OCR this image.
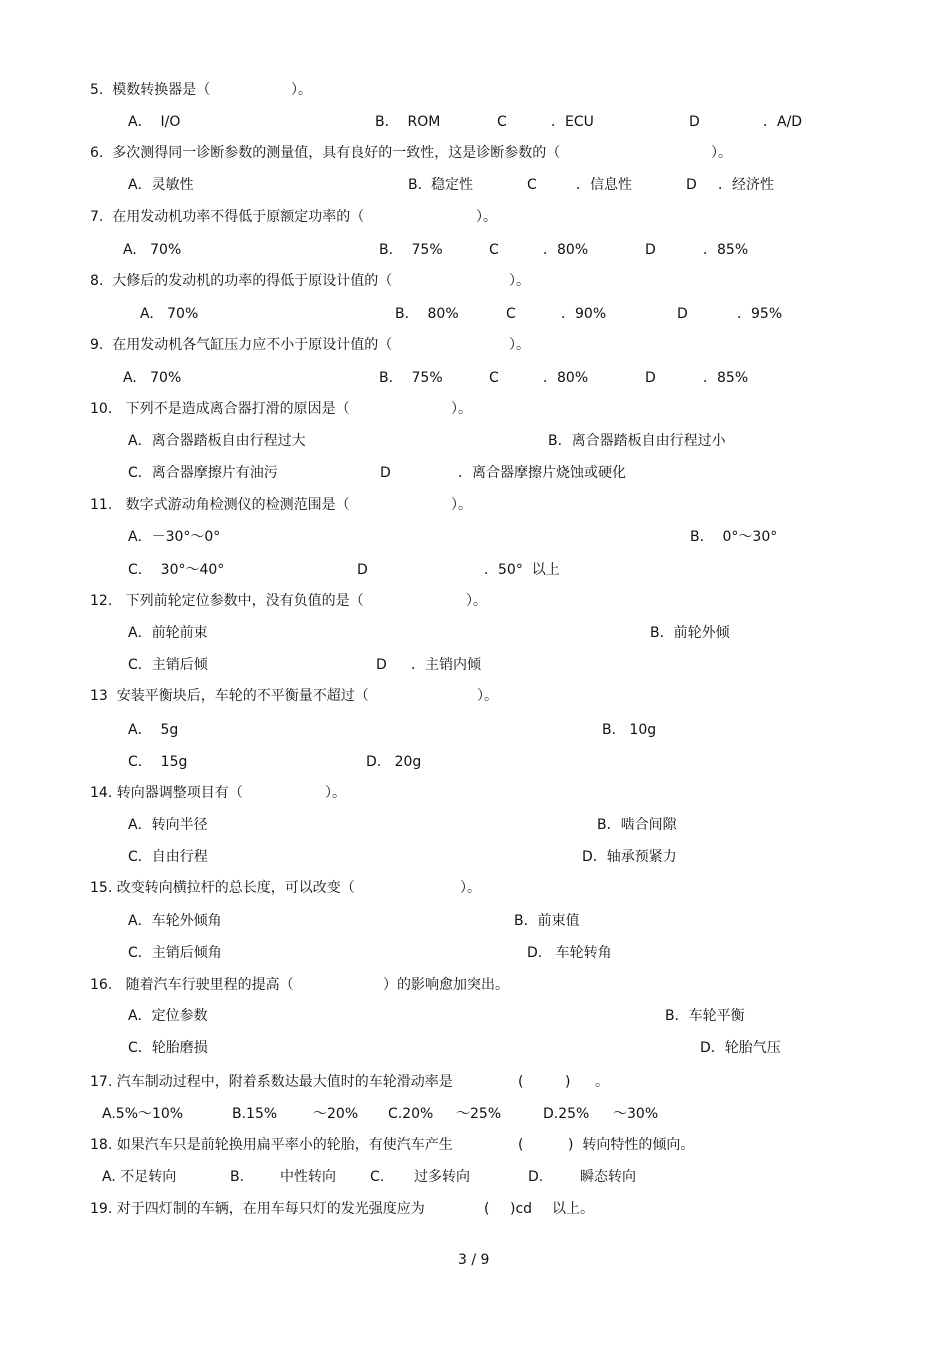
5.  模数转换器是（	）。
A．  I/O	B．  ROM	C	．ECU	D	．A/D
6.  多次测得同一诊断参数的测量值，具有良好的一致性，这是诊断参数的（	）。
A．灵敏性	B.  稳定性	C	．信息性	D ．经济性
7.  在用发动机功率不得低于原额定功率的（	）。
A.   70%	B．  75%	C	．80%	D	．85%
8.  大修后的发动机的功率的得低于原设计值的（	）。
A.   70%	B．  80%	C	．90%	D	．95%
9.  在用发动机各气缸压力应不小于原设计值的（	）。
A.   70%	B．  75%	C	．80%	D	．85%
10.   下列不是造成离合器打滑的原因是（	）。
A．离合器踏板自由行程过大	B．离合器踏板自由行程过小
C．离合器摩擦片有油污	D	．离合器摩擦片烧蚀或硬化
11.   数字式游动角检测仪的检测范围是（	）。
A．－30°～0°	B．  0°～30°
C．  30°～40°	D	．50°  以上
12.   下列前轮定位参数中，没有负值的是（	）。
A．前轮前束	B．前轮外倾
C．主销后倾	D ．主销内倾
13  安装平衡块后，车轮的不平衡量不超过（	）。
A．  5g	B.   10g
C．  15g	D.   20g
14. 转向器调整项目有（	）。
A．转向半径	B．啮合间隙
C．自由行程	D．轴承预紧力
15. 改变转向横拉杆的总长度，可以改变（	）。
A．车轮外倾角	B．前束值
C．主销后倾角	D.   车轮转角
16.   随着汽车行驶里程的提高（	）的影响愈加突出。
A．定位参数	B．车轮平衡
C．轮胎磨损	D．轮胎气压
17. 汽车制动过程中，附着系数达最大值时的车轮滑动率是	(	) 。
A.5%～10%	B.15%	～20% C.20% ～25%	D.25% ～30%
18. 如果汽车只是前轮换用扁平率小的轮胎，有使汽车产生	(	)  转向特性的倾向。
A. 不足转向	B.	中性转向 C. 过多转向	D.	瞬态转向
19. 对于四灯制的车辆，在用车每只灯的发光强度应为	( )cd 以上。
3 / 9
